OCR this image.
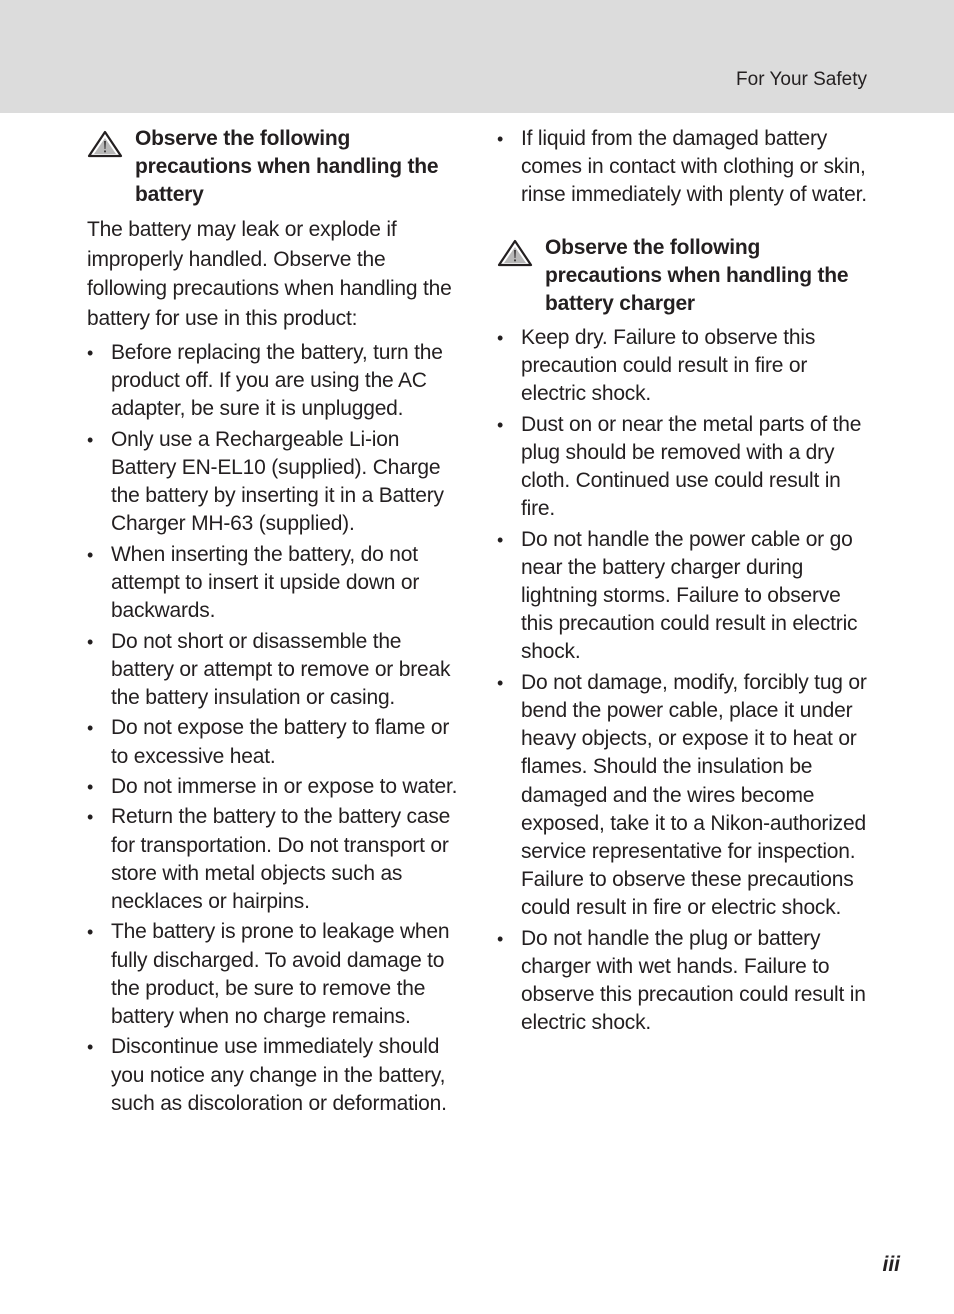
For Your Safety
Observe the following precautions when handling the battery

The battery may leak or explode if improperly handled. Observe the following precautions when handling the battery for use in this product:

• Before replacing the battery, turn the product off. If you are using the AC adapter, be sure it is unplugged.
• Only use a Rechargeable Li-ion Battery EN-EL10 (supplied). Charge the battery by inserting it in a Battery Charger MH-63 (supplied).
• When inserting the battery, do not attempt to insert it upside down or backwards.
• Do not short or disassemble the battery or attempt to remove or break the battery insulation or casing.
• Do not expose the battery to flame or to excessive heat.
• Do not immerse in or expose to water.
• Return the battery to the battery case for transportation. Do not transport or store with metal objects such as necklaces or hairpins.
• The battery is prone to leakage when fully discharged. To avoid damage to the product, be sure to remove the battery when no charge remains.
• Discontinue use immediately should you notice any change in the battery, such as discoloration or deformation.
• If liquid from the damaged battery comes in contact with clothing or skin, rinse immediately with plenty of water.
Observe the following precautions when handling the battery charger
• Keep dry. Failure to observe this precaution could result in fire or electric shock.
• Dust on or near the metal parts of the plug should be removed with a dry cloth. Continued use could result in fire.
• Do not handle the power cable or go near the battery charger during lightning storms. Failure to observe this precaution could result in electric shock.
• Do not damage, modify, forcibly tug or bend the power cable, place it under heavy objects, or expose it to heat or flames. Should the insulation be damaged and the wires become exposed, take it to a Nikon-authorized service representative for inspection. Failure to observe these precautions could result in fire or electric shock.
• Do not handle the plug or battery charger with wet hands. Failure to observe this precaution could result in electric shock.
iii
